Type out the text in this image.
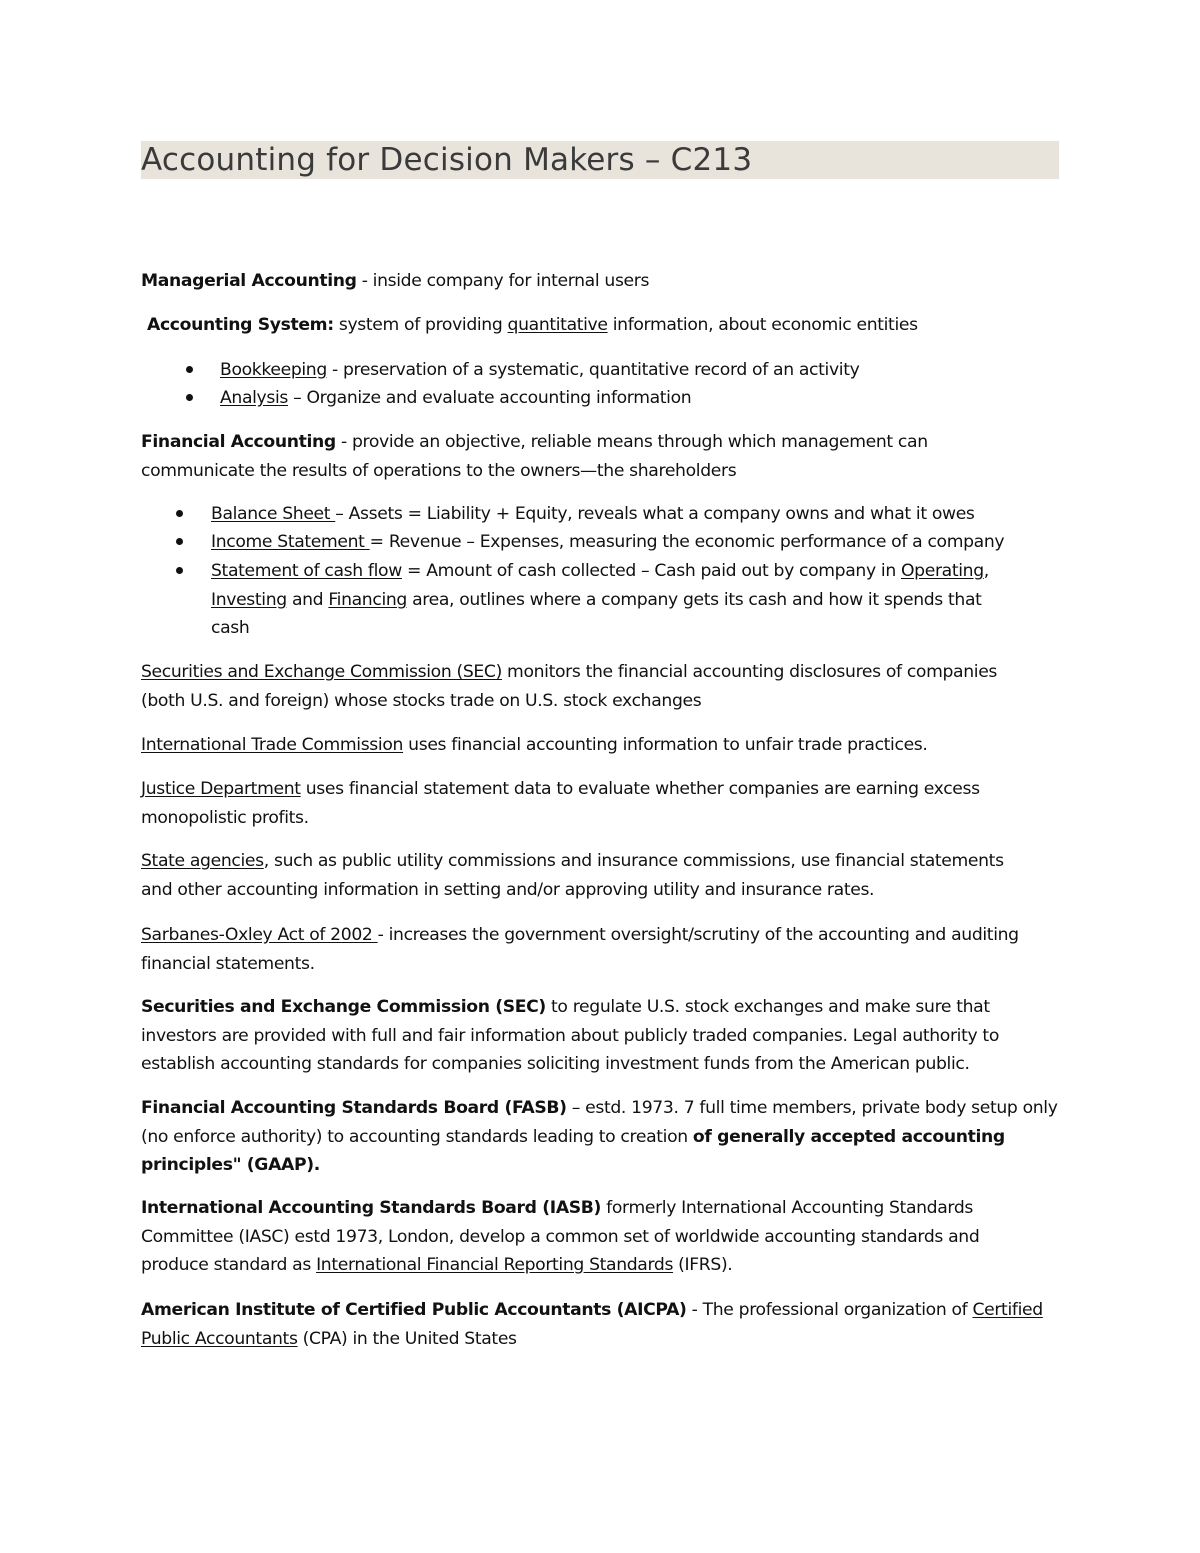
Accounting for Decision Makers – C213
Managerial Accounting - inside company for internal users
Accounting System: system of providing quantitative information, about economic entities
Bookkeeping - preservation of a systematic, quantitative record of an activity
Analysis – Organize and evaluate accounting information
Financial Accounting - provide an objective, reliable means through which management can
communicate the results of operations to the owners—the shareholders
Balance Sheet – Assets = Liability + Equity, reveals what a company owns and what it owes
Income Statement = Revenue – Expenses, measuring the economic performance of a company
Statement of cash flow = Amount of cash collected – Cash paid out by company in Operating,
Investing and Financing area, outlines where a company gets its cash and how it spends that
cash
Securities and Exchange Commission (SEC) monitors the financial accounting disclosures of companies
(both U.S. and foreign) whose stocks trade on U.S. stock exchanges
International Trade Commission uses financial accounting information to unfair trade practices.
Justice Department uses financial statement data to evaluate whether companies are earning excess
monopolistic profits.
State agencies, such as public utility commissions and insurance commissions, use financial statements
and other accounting information in setting and/or approving utility and insurance rates.
Sarbanes-Oxley Act of 2002 - increases the government oversight/scrutiny of the accounting and auditing
financial statements.
Securities and Exchange Commission (SEC) to regulate U.S. stock exchanges and make sure that
investors are provided with full and fair information about publicly traded companies. Legal authority to
establish accounting standards for companies soliciting investment funds from the American public.
Financial Accounting Standards Board (FASB) – estd. 1973. 7 full time members, private body setup only
(no enforce authority) to accounting standards leading to creation of generally accepted accounting
principles" (GAAP).
International Accounting Standards Board (IASB) formerly International Accounting Standards
Committee (IASC) estd 1973, London, develop a common set of worldwide accounting standards and
produce standard as International Financial Reporting Standards (IFRS).
American Institute of Certified Public Accountants (AICPA) - The professional organization of Certified
Public Accountants (CPA) in the United States
